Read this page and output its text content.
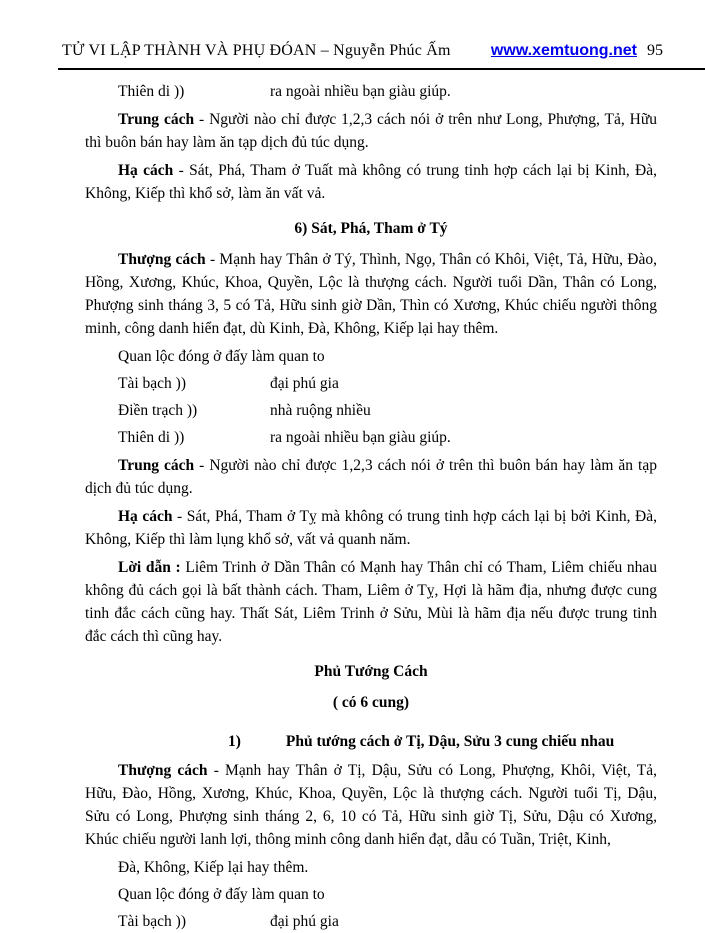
TỬ VI LẬP THÀNH VÀ PHỤ ĐÓAN – Nguyễn Phúc Ấm	www.xemtuong.net 95
Thiên di ))	ra ngoài nhiều bạn giàu giúp.

Trung cách - Người nào chỉ được 1,2,3 cách nói ở trên như Long, Phượng, Tả, Hữu thì buôn bán hay làm ăn tạp dịch đủ túc dụng.

Hạ cách - Sát, Phá, Tham ở Tuất mà không có trung tinh hợp cách lại bị Kinh, Đà, Không, Kiếp thì khổ sở, làm ăn vất vả.

6) Sát, Phá, Tham ở Tý

Thượng cách - Mạnh hay Thân ở Tý, Thình, Ngọ, Thân có Khôi, Việt, Tả, Hữu, Đào, Hồng, Xương, Khúc, Khoa, Quyền, Lộc là thượng cách. Người tuổi Dần, Thân có Long, Phượng sinh tháng 3, 5 có Tả, Hữu sinh giờ Dần, Thìn có Xương, Khúc chiếu người thông minh, công danh hiển đạt, dù Kinh, Đà, Không, Kiếp lại hay thêm.

Quan lộc đóng ở đấy làm quan to
Tài bạch ))	đại phú gia
Điền trạch ))	nhà ruộng nhiều
Thiên di ))	ra ngoài nhiều bạn giàu giúp.

Trung cách - Người nào chỉ được 1,2,3 cách nói ở trên thì buôn bán hay làm ăn tạp dịch đủ túc dụng.

Hạ cách - Sát, Phá, Tham ở Tỵ mà không có trung tinh hợp cách lại bị bởi Kinh, Đà, Không, Kiếp thì làm lụng khổ sở, vất vả quanh năm.

Lời dẫn : Liêm Trinh ở Dần Thân có Mạnh hay Thân chỉ có Tham, Liêm chiếu nhau không đủ cách gọi là bất thành cách. Tham, Liêm ở Tỵ, Hợi là hãm địa, nhưng được cung tinh đắc cách cũng hay. Thất Sát, Liêm Trinh ở Sửu, Mùi là hãm địa nếu được trung tinh đắc cách thì cũng hay.

Phủ Tướng Cách
( có 6 cung)
1)	Phủ tướng cách ở Tị, Dậu, Sửu 3 cung chiếu nhau

Thượng cách - Mạnh hay Thân ở Tị, Dậu, Sửu có Long, Phượng, Khôi, Việt, Tả, Hữu, Đào, Hồng, Xương, Khúc, Khoa, Quyền, Lộc là thượng cách. Người tuổi Tị, Dậu, Sửu có Long, Phượng sinh tháng 2, 6, 10 có Tả, Hữu sinh giờ Tị, Sửu, Dậu có Xương, Khúc chiếu người lanh lợi, thông minh công danh hiển đạt, dẫu có Tuần, Triệt, Kinh,

Đà, Không, Kiếp lại hay thêm.
Quan lộc đóng ở đấy làm quan to
Tài bạch ))	đại phú gia
